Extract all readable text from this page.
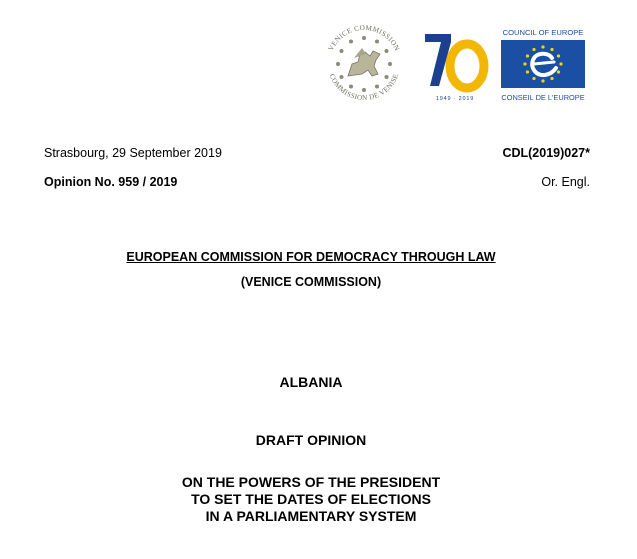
VENICE COMMISSION
COMMISSION DE VENISE
1949 · 2019
COUNCIL OF EUROPE
CONSEIL DE L'EUROPE
Strasbourg, 29 September 2019	CDL(2019)027*
Opinion No. 959 / 2019	Or. Engl.
EUROPEAN COMMISSION FOR DEMOCRACY THROUGH LAW
(VENICE COMMISSION)
ALBANIA
DRAFT OPINION
ON THE POWERS OF THE PRESIDENT
TO SET THE DATES OF ELECTIONS
IN A PARLIAMENTARY SYSTEM
